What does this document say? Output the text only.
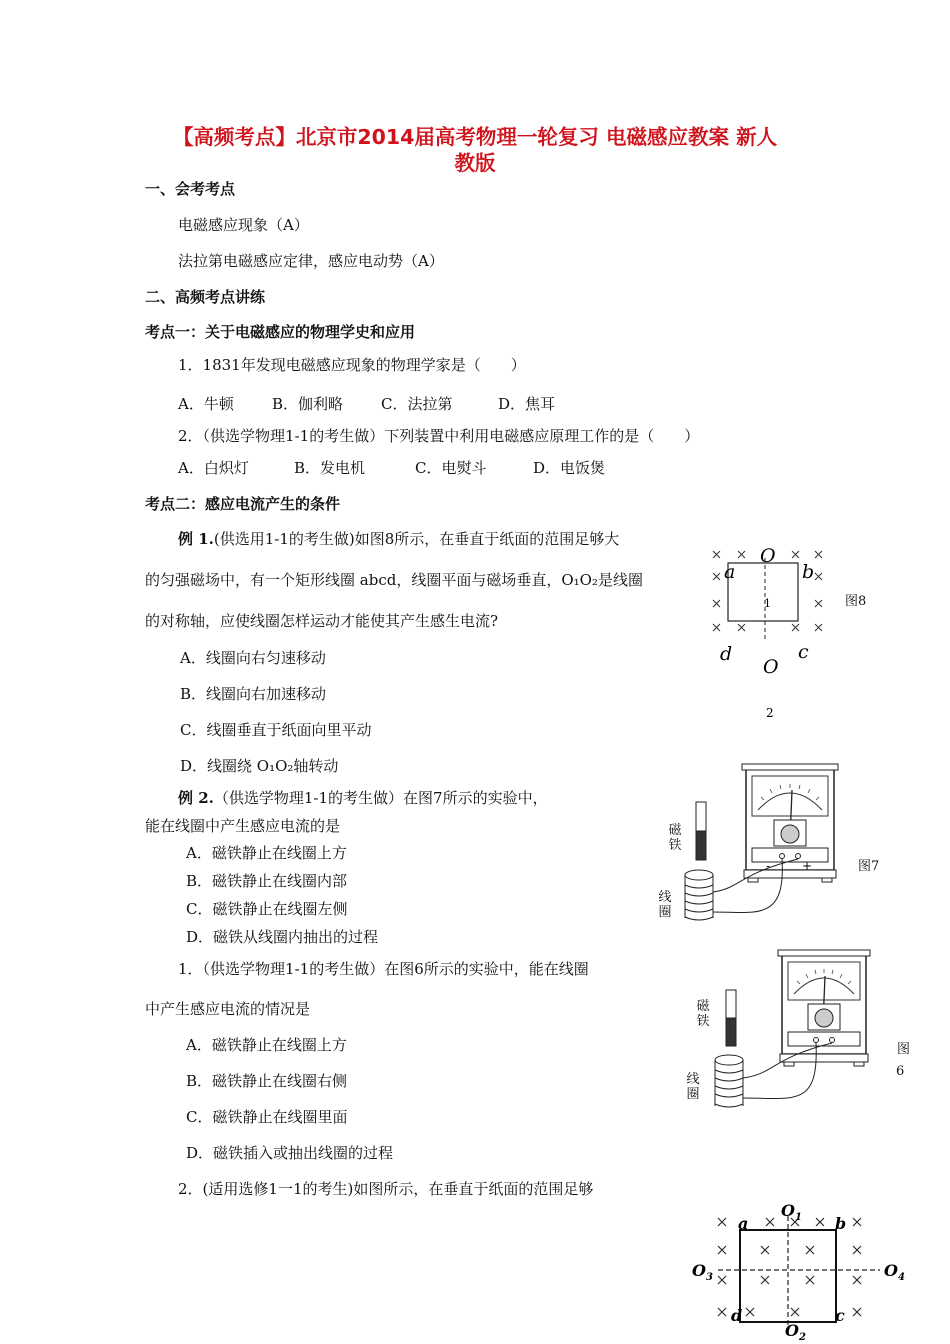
【高频考点】北京市2014届高考物理一轮复习 电磁感应教案 新人
教版
一、会考考点
电磁感应现象（A）
法拉第电磁感应定律，感应电动势（A）
二、高频考点讲练
考点一：关于电磁感应的物理学史和应用
1．1831年发现电磁感应现象的物理学家是（　　）
A．牛顿	B．伽利略	C．法拉第	D．焦耳
2．（供选学物理1-1的考生做）下列装置中利用电磁感应原理工作的是（　　）
A．白炽灯	B．发电机	C．电熨斗	D．电饭煲
考点二：感应电流产生的条件
例 1.(供选用1-1的考生做)如图8所示，在垂直于纸面的范围足够大
的匀强磁场中，有一个矩形线圈 abcd，线圈平面与磁场垂直，O₁O₂是线圈
的对称轴，应使线圈怎样运动才能使其产生感生电流?
A．线圈向右匀速移动
B．线圈向右加速移动
C．线圈垂直于纸面向里平动
D．线圈绕 O₁O₂轴转动
例 2.（供选学物理1-1的考生做）在图7所示的实验中，
能在线圈中产生感应电流的是
A．磁铁静止在线圈上方
B．磁铁静止在线圈内部
C．磁铁静止在线圈左侧
D．磁铁从线圈内抽出的过程
1．（供选学物理1-1的考生做）在图6所示的实验中，能在线圈
中产生感应电流的情况是
A．磁铁静止在线圈上方
B．磁铁静止在线圈右侧
C．磁铁静止在线圈里面
D．磁铁插入或抽出线圈的过程
2．(适用选修1一1的考生)如图所示，在垂直于纸面的范围足够
a	b
c
d
O
1
O
2
图8
磁铁
线圈
-	+	图7
磁铁
线圈
图
6
a	b
c
d
$O_1$
$O_2$
$O_3$	$O_4$
